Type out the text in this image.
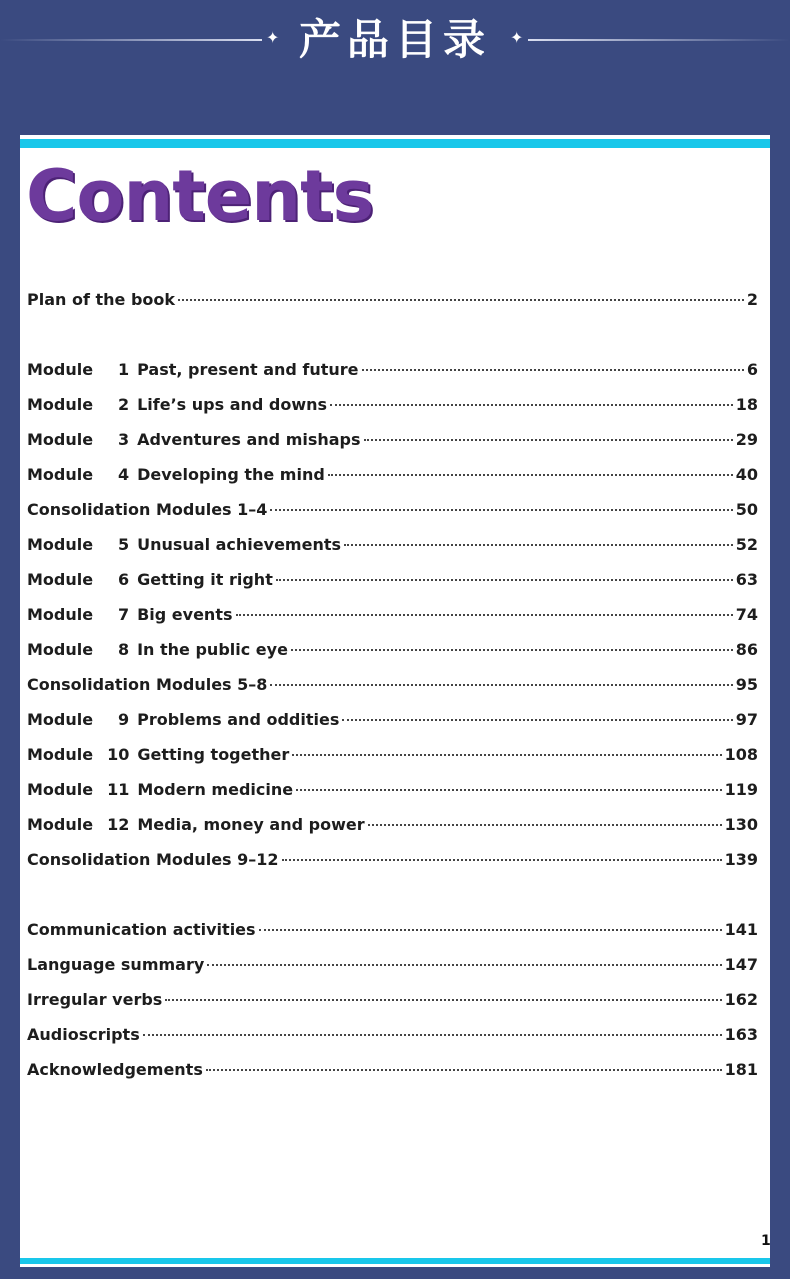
✦ 产品目录	✦
Contents
Plan of the book	2
Module 1 Past, present and future	6
Module 2 Life’s ups and downs	18
Module 3 Adventures and mishaps	29
Module 4 Developing the mind	40
Consolidation Modules 1–4	50
Module 5 Unusual achievements	52
Module 6 Getting it right	63
Module 7 Big events	74
Module 8 In the public eye	86
Consolidation Modules 5–8	95
Module 9 Problems and oddities	97
Module 10 Getting together	108
Module 11 Modern medicine	119
Module 12 Media, money and power	130
Consolidation Modules 9–12	139
Communication activities	141
Language summary	147
Irregular verbs	162
Audioscripts	163
Acknowledgements	181
1
